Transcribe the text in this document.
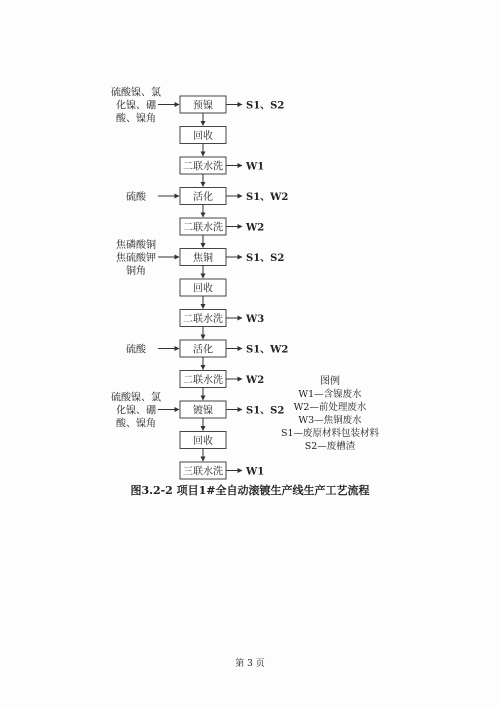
预镍	S1、S2
硫酸镍、氯
化镍、硼
酸、镍角
回收
二联水洗 W1
活化	S1、W2
硫酸
二联水洗 W2
焦铜	S1、S2
焦磷酸铜
焦硫酸钾
铜角
回收
二联水洗 W3
活化	S1、W2
硫酸
二联水洗 W2
镀镍	S1、S2
硫酸镍、氯
化镍、硼
酸、镍角
回收
三联水洗 W1
图例
W1—含镍废水
W2—前处理废水
W3—焦铜废水
S1—废原材料包装材料
S2—废槽渣
图3.2-2 项目1#全自动滚镀生产线生产工艺流程
第 3 页
